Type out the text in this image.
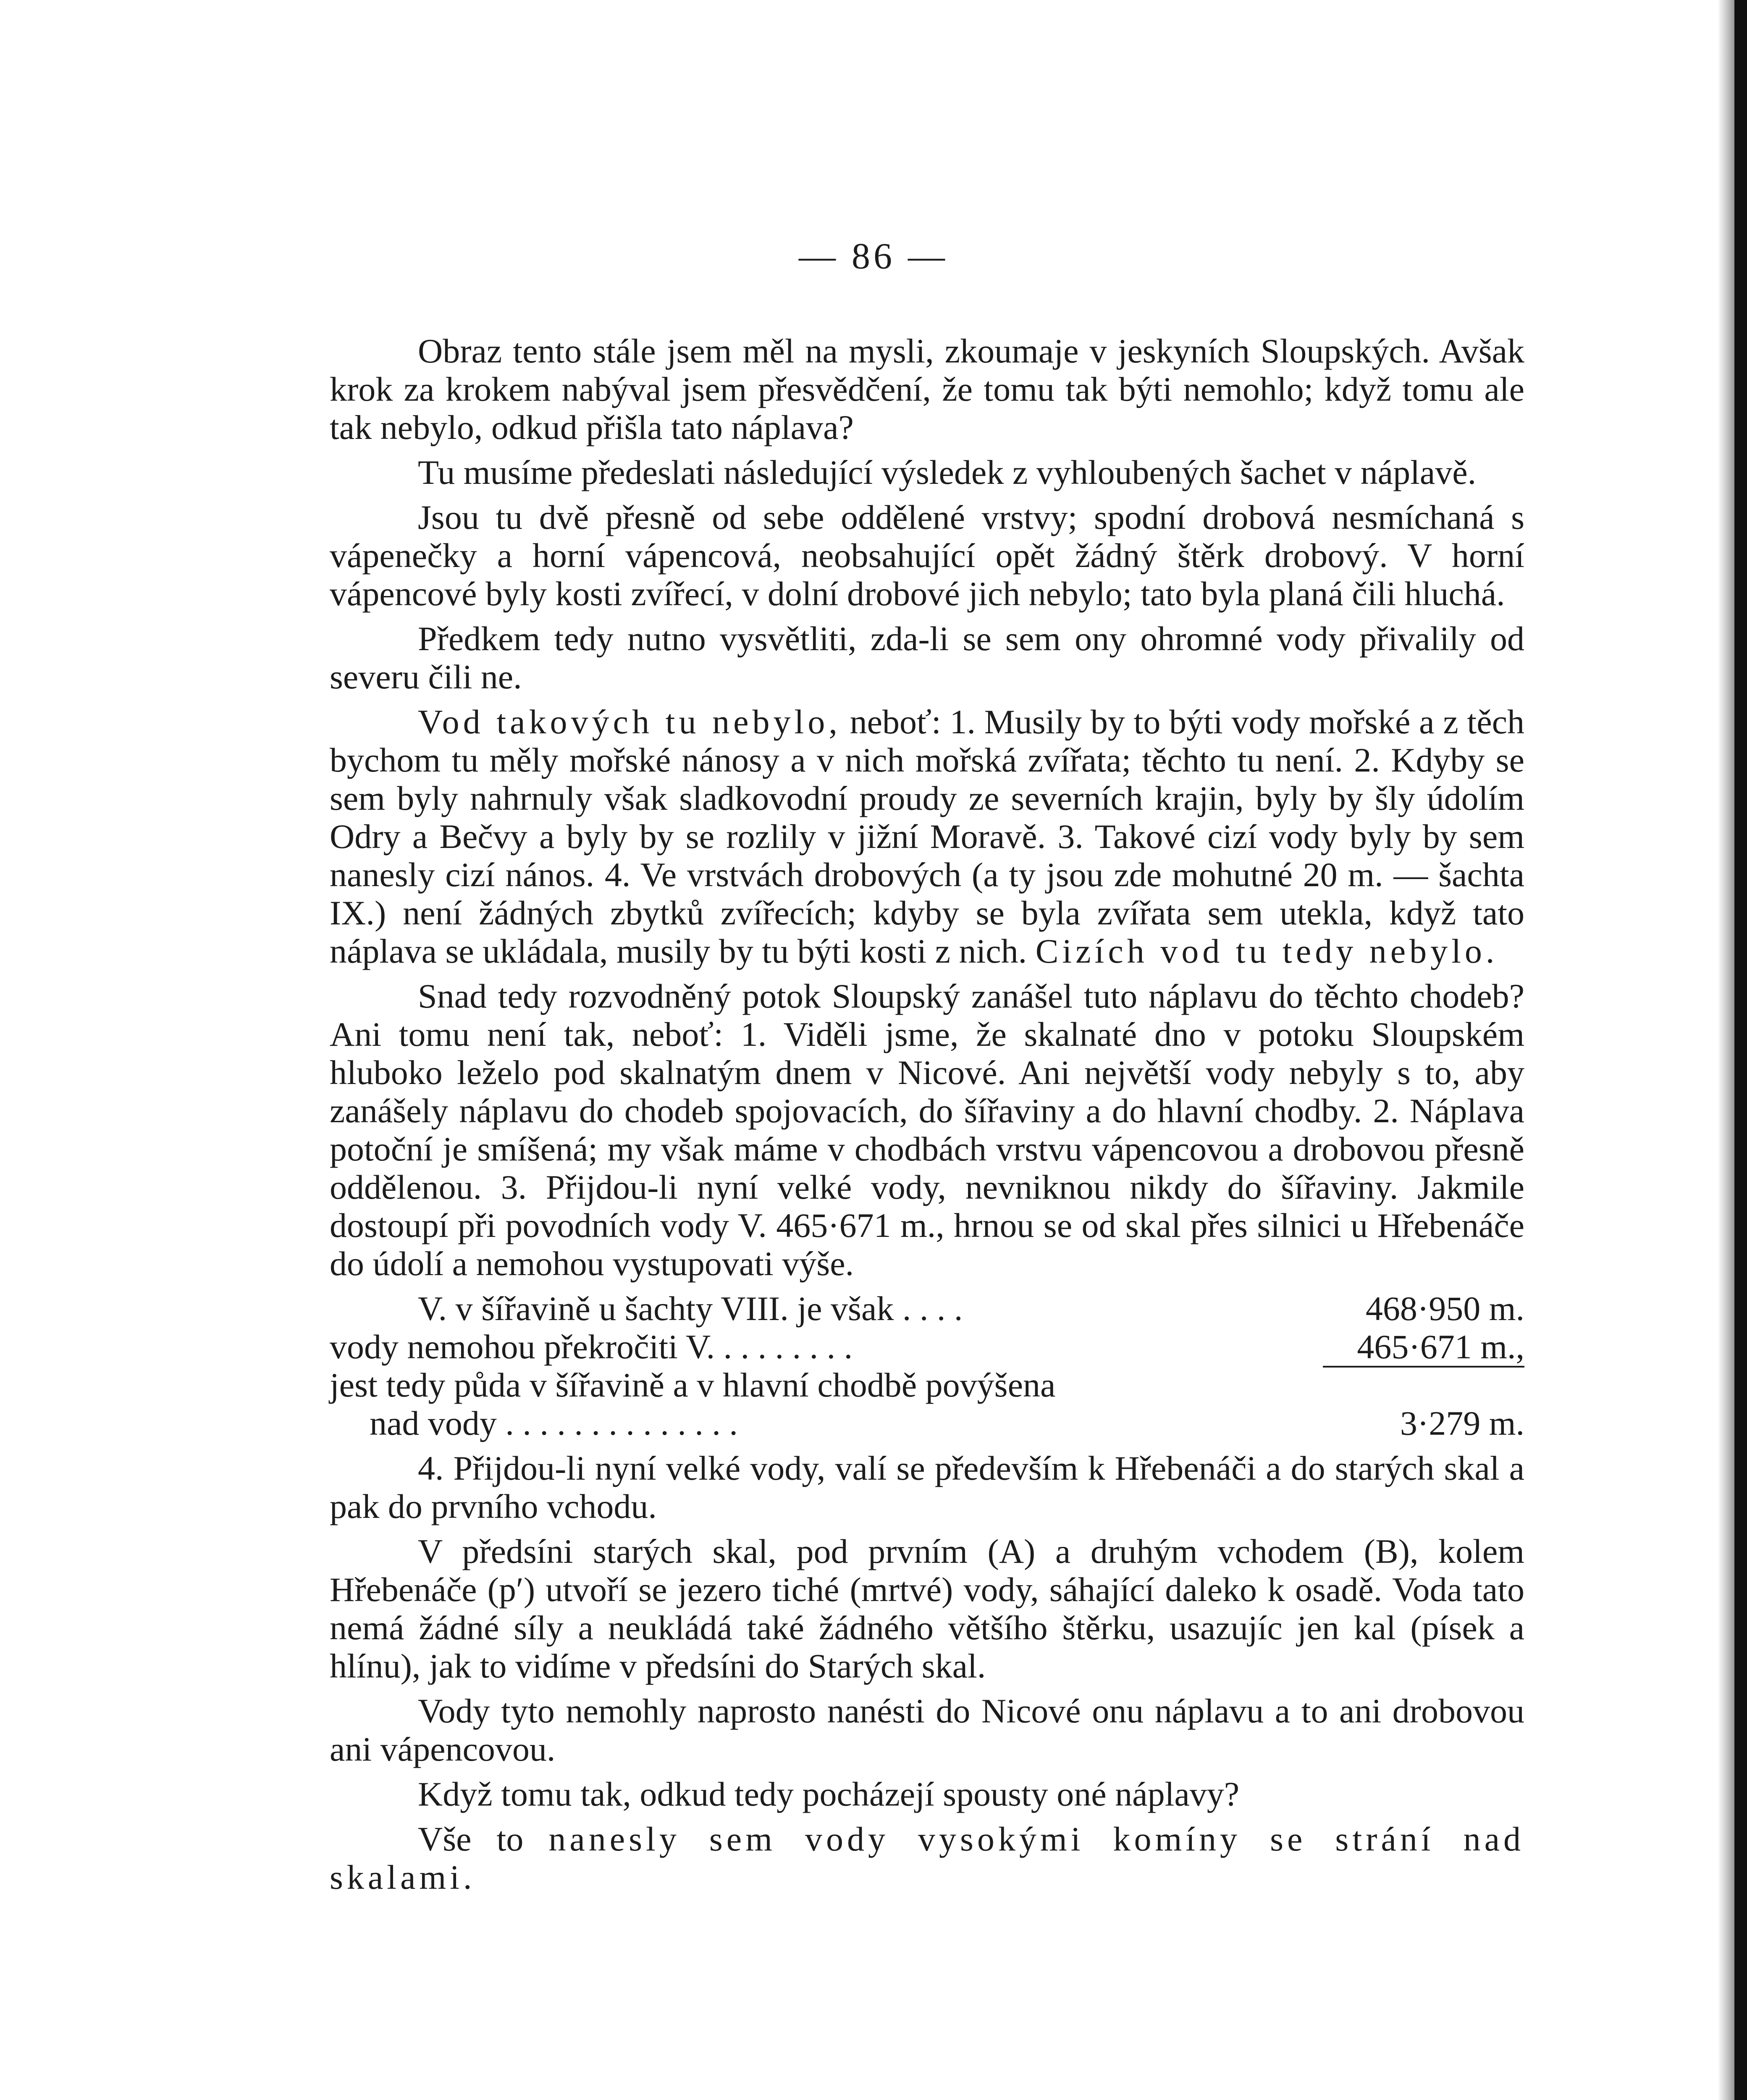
— 86 —

Obraz tento stále jsem měl na mysli, zkoumaje v jeskyních Sloupských. Avšak krok za krokem nabýval jsem přesvědčení, že tomu tak býti nemohlo; když tomu ale tak nebylo, odkud přišla tato náplava?

Tu musíme předeslati následující výsledek z vyhloubených šachet v náplavě.

Jsou tu dvě přesně od sebe oddělené vrstvy; spodní drobová nesmíchaná s vápenečky a horní vápencová, neobsahující opět žádný štěrk drobový. V horní vápencové byly kosti zvířecí, v dolní drobové jich nebylo; tato byla planá čili hluchá.

Předkem tedy nutno vysvětliti, zda-li se sem ony ohromné vody přivalily od severu čili ne.

Vod takových tu nebylo, neboť: 1. Musily by to býti vody mořské a z těch bychom tu měly mořské nánosy a v nich mořská zvířata; těchto tu není. 2. Kdyby se sem byly nahrnuly však sladkovodní proudy ze severních krajin, byly by šly údolím Odry a Bečvy a byly by se rozlily v jižní Moravě. 3. Takové cizí vody byly by sem nanesly cizí nános. 4. Ve vrstvách drobových (a ty jsou zde mohutné 20 m. — šachta IX.) není žádných zbytků zvířecích; kdyby se byla zvířata sem utekla, když tato náplava se ukládala, musily by tu býti kosti z nich. Cizích vod tu tedy nebylo.

Snad tedy rozvodněný potok Sloupský zanášel tuto náplavu do těchto chodeb? Ani tomu není tak, neboť: 1. Viděli jsme, že skalnaté dno v potoku Sloupském hluboko leželo pod skalnatým dnem v Nicové. Ani největší vody nebyly s to, aby zanášely náplavu do chodeb spojovacích, do šířaviny a do hlavní chodby. 2. Náplava potoční je smíšená; my však máme v chodbách vrstvu vápencovou a drobovou přesně oddělenou. 3. Přijdou-li nyní velké vody, nevniknou nikdy do šířaviny. Jakmile dostoupí při povodních vody V. 465·671 m., hrnou se od skal přes silnici u Hřebenáče do údolí a nemohou vystupovati výše.

V. v šířavině u šachty VIII. je však . . . .	468·950 m.
vody nemohou překročiti V. . . . . . . . .	465·671 m.,
jest tedy půda v šířavině a v hlavní chodbě povýšena
nad vody . . . . . . . . . . . . . .	3·279 m.

4. Přijdou-li nyní velké vody, valí se především k Hřebenáči a do starých skal a pak do prvního vchodu.

V předsíni starých skal, pod prvním (A) a druhým vchodem (B), kolem Hřebenáče (p′) utvoří se jezero tiché (mrtvé) vody, sáhající daleko k osadě. Voda tato nemá žádné síly a neukládá také žádného většího štěrku, usazujíc jen kal (písek a hlínu), jak to vidíme v předsíni do Starých skal.

Vody tyto nemohly naprosto nanésti do Nicové onu náplavu a to ani drobovou ani vápencovou.

Když tomu tak, odkud tedy pocházejí spousty oné náplavy?

Vše to nanesly sem vody vysokými komíny se strání nad skalami.
